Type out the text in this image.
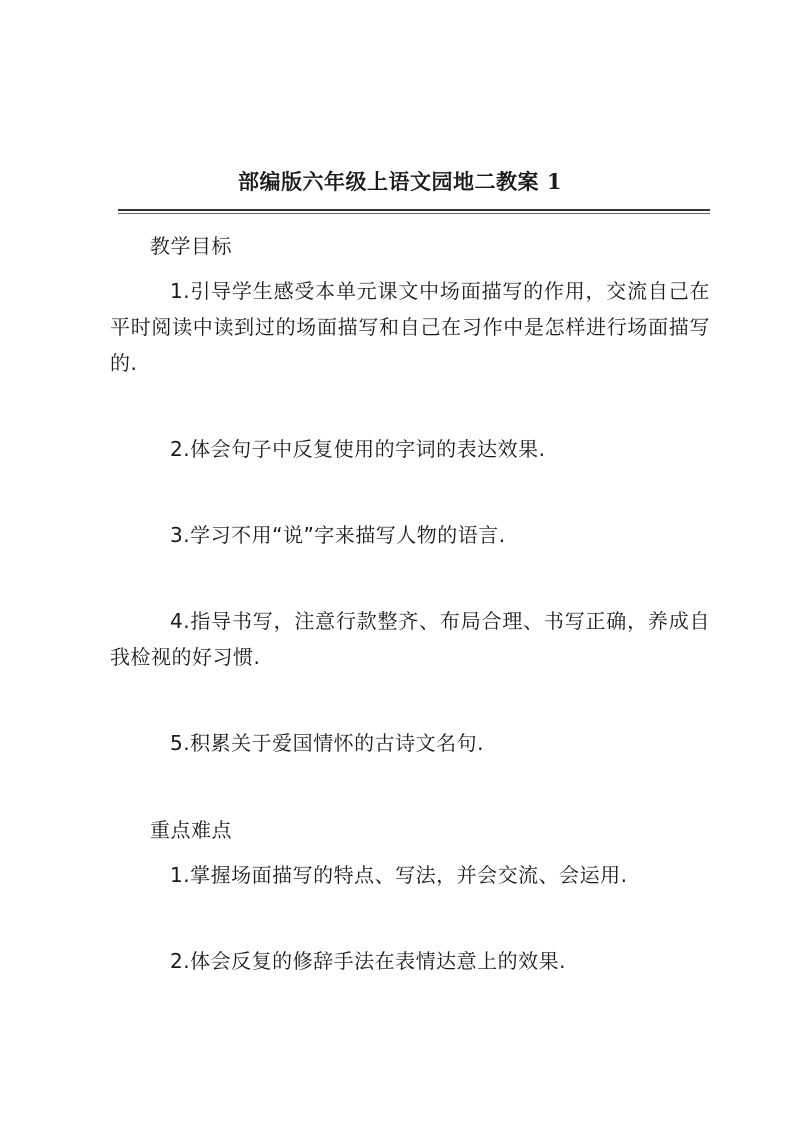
部编版六年级上语文园地二教案 1

教学目标

1.引导学生感受本单元课文中场面描写的作用，交流自己在平时阅读中读到过的场面描写和自己在习作中是怎样进行场面描写的.

2.体会句子中反复使用的字词的表达效果.

3.学习不用“说”字来描写人物的语言.

4.指导书写，注意行款整齐、布局合理、书写正确，养成自我检视的好习惯.

5.积累关于爱国情怀的古诗文名句.

重点难点

1.掌握场面描写的特点、写法，并会交流、会运用.

2.体会反复的修辞手法在表情达意上的效果.
